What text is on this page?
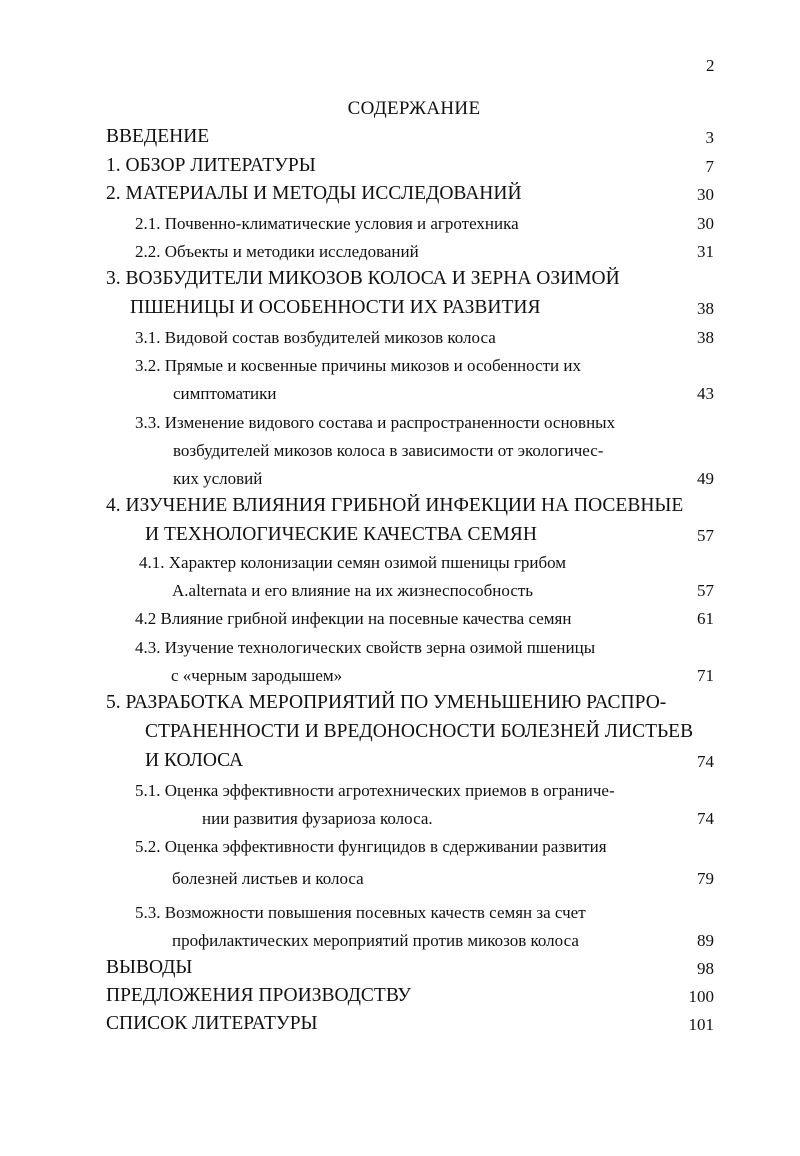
2
СОДЕРЖАНИЕ
ВВЕДЕНИЕ	3
1. ОБЗОР ЛИТЕРАТУРЫ	7
2. МАТЕРИАЛЫ И МЕТОДЫ ИССЛЕДОВАНИЙ	30
2.1. Почвенно-климатические условия и агротехника	30
2.2. Объекты и методики исследований	31
3. ВОЗБУДИТЕЛИ МИКОЗОВ КОЛОСА И ЗЕРНА ОЗИМОЙ
ПШЕНИЦЫ И ОСОБЕННОСТИ ИХ РАЗВИТИЯ	38
3.1. Видовой состав возбудителей микозов колоса	38
3.2. Прямые и косвенные причины микозов и особенности их
симптоматики	43
3.3. Изменение видового состава и распространенности основных
возбудителей микозов колоса в зависимости от экологичес-
ких условий	49
4. ИЗУЧЕНИЕ ВЛИЯНИЯ ГРИБНОЙ ИНФЕКЦИИ НА ПОСЕВНЫЕ
И ТЕХНОЛОГИЧЕСКИЕ КАЧЕСТВА СЕМЯН	57
4.1. Характер колонизации семян озимой пшеницы грибом
A.alternata и его влияние на их жизнеспособность	57
4.2 Влияние грибной инфекции на посевные качества семян	61
4.3. Изучение технологических свойств зерна озимой пшеницы
с «черным зародышем»	71
5. РАЗРАБОТКА МЕРОПРИЯТИЙ ПО УМЕНЬШЕНИЮ РАСПРО-
СТРАНЕННОСТИ И ВРЕДОНОСНОСТИ БОЛЕЗНЕЙ ЛИСТЬЕВ
И КОЛОСА	74
5.1. Оценка эффективности агротехнических приемов в ограниче-
нии развития фузариоза колоса.	74
5.2. Оценка эффективности фунгицидов в сдерживании развития
болезней листьев и колоса	79
5.3. Возможности повышения посевных качеств семян за счет
профилактических мероприятий против микозов колоса	89
ВЫВОДЫ	98
ПРЕДЛОЖЕНИЯ ПРОИЗВОДСТВУ	100
СПИСОК ЛИТЕРАТУРЫ	101
